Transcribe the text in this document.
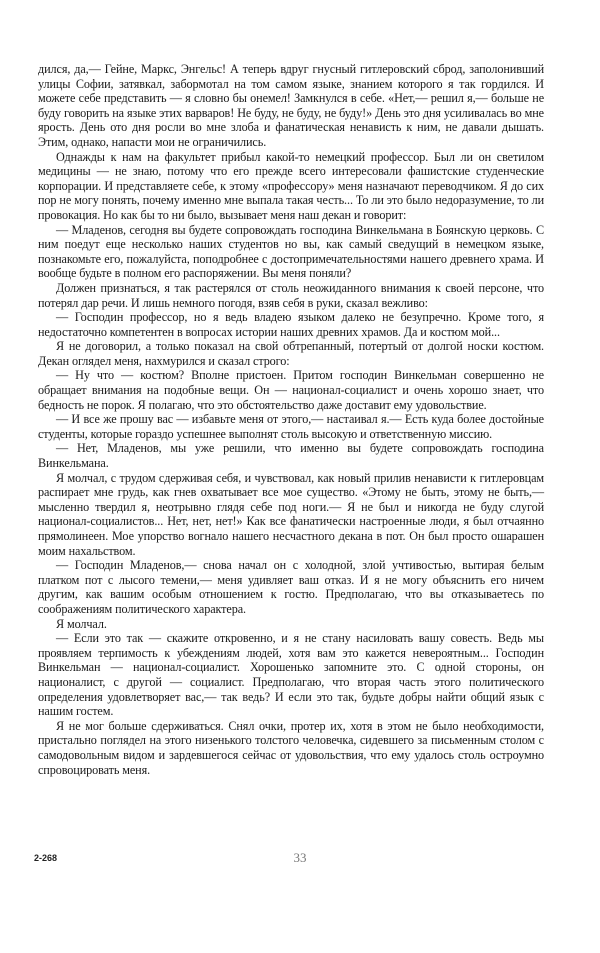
дился, да,— Гейне, Маркс, Энгельс! А теперь вдруг гнусный гитлеровский сброд, заполонивший улицы Софии, затявкал, забормотал на том самом языке, знанием которого я так гордился. И можете себе представить — я словно бы онемел! Замкнулся в себе. «Нет,— решил я,— больше не буду говорить на языке этих варваров! Не буду, не буду, не буду!» День это дня усиливалась во мне ярость. День ото дня росли во мне злоба и фанатическая ненависть к ним, не давали дышать. Этим, однако, напасти мои не ограничились.

Однажды к нам на факультет прибыл какой-то немецкий профессор. Был ли он светилом медицины — не знаю, потому что его прежде всего интересовали фашистские студенческие корпорации. И представляете себе, к этому «профессору» меня назначают переводчиком. Я до сих пор не могу понять, почему именно мне выпала такая честь... То ли это было недоразумение, то ли провокация. Но как бы то ни было, вызывает меня наш декан и говорит:

— Младенов, сегодня вы будете сопровождать господина Винкельмана в Боянскую церковь. С ним поедут еще несколько наших студентов но вы, как самый сведущий в немецком языке, познакомьте его, пожалуйста, поподробнее с достопримечательностями нашего древнего храма. И вообще будьте в полном его распоряжении. Вы меня поняли?

Должен признаться, я так растерялся от столь неожиданного внимания к своей персоне, что потерял дар речи. И лишь немного погодя, взяв себя в руки, сказал вежливо:

— Господин профессор, но я ведь владею языком далеко не безупречно. Кроме того, я недостаточно компетентен в вопросах истории наших древних храмов. Да и костюм мой...

Я не договорил, а только показал на свой обтрепанный, потертый от долгой носки костюм. Декан оглядел меня, нахмурился и сказал строго:

— Ну что — костюм? Вполне пристоен. Притом господин Винкельман совершенно не обращает внимания на подобные вещи. Он — национал-социалист и очень хорошо знает, что бедность не порок. Я полагаю, что это обстоятельство даже доставит ему удовольствие.

— И все же прошу вас — избавьте меня от этого,— настаивал я.— Есть куда более достойные студенты, которые гораздо успешнее выполнят столь высокую и ответственную миссию.

— Нет, Младенов, мы уже решили, что именно вы будете сопровождать господина Винкельмана.

Я молчал, с трудом сдерживая себя, и чувствовал, как новый прилив ненависти к гитлеровцам распирает мне грудь, как гнев охватывает все мое существо. «Этому не быть, этому не быть,— мысленно твердил я, неотрывно глядя себе под ноги.— Я не был и никогда не буду слугой национал-социалистов... Нет, нет, нет!» Как все фанатически настроенные люди, я был отчаянно прямолинеен. Мое упорство вогнало нашего несчастного декана в пот. Он был просто ошарашен моим нахальством.

— Господин Младенов,— снова начал он с холодной, злой учтивостью, вытирая белым платком пот с лысого темени,— меня удивляет ваш отказ. И я не могу объяснить его ничем другим, как вашим особым отношением к гостю. Предполагаю, что вы отказываетесь по соображениям политического характера.

Я молчал.

— Если это так — скажите откровенно, и я не стану насиловать вашу совесть. Ведь мы проявляем терпимость к убеждениям людей, хотя вам это кажется невероятным... Господин Винкельман — национал-социалист. Хорошенько запомните это. С одной стороны, он националист, с другой — социалист. Предполагаю, что вторая часть этого политического определения удовлетворяет вас,— так ведь? И если это так, будьте добры найти общий язык с нашим гостем.

Я не мог больше сдерживаться. Снял очки, протер их, хотя в этом не было необходимости, пристально поглядел на этого низенького толстого человечка, сидевшего за письменным столом с самодовольным видом и зардевшегося сейчас от удовольствия, что ему удалось столь остроумно спровоцировать меня.

2-268	33
